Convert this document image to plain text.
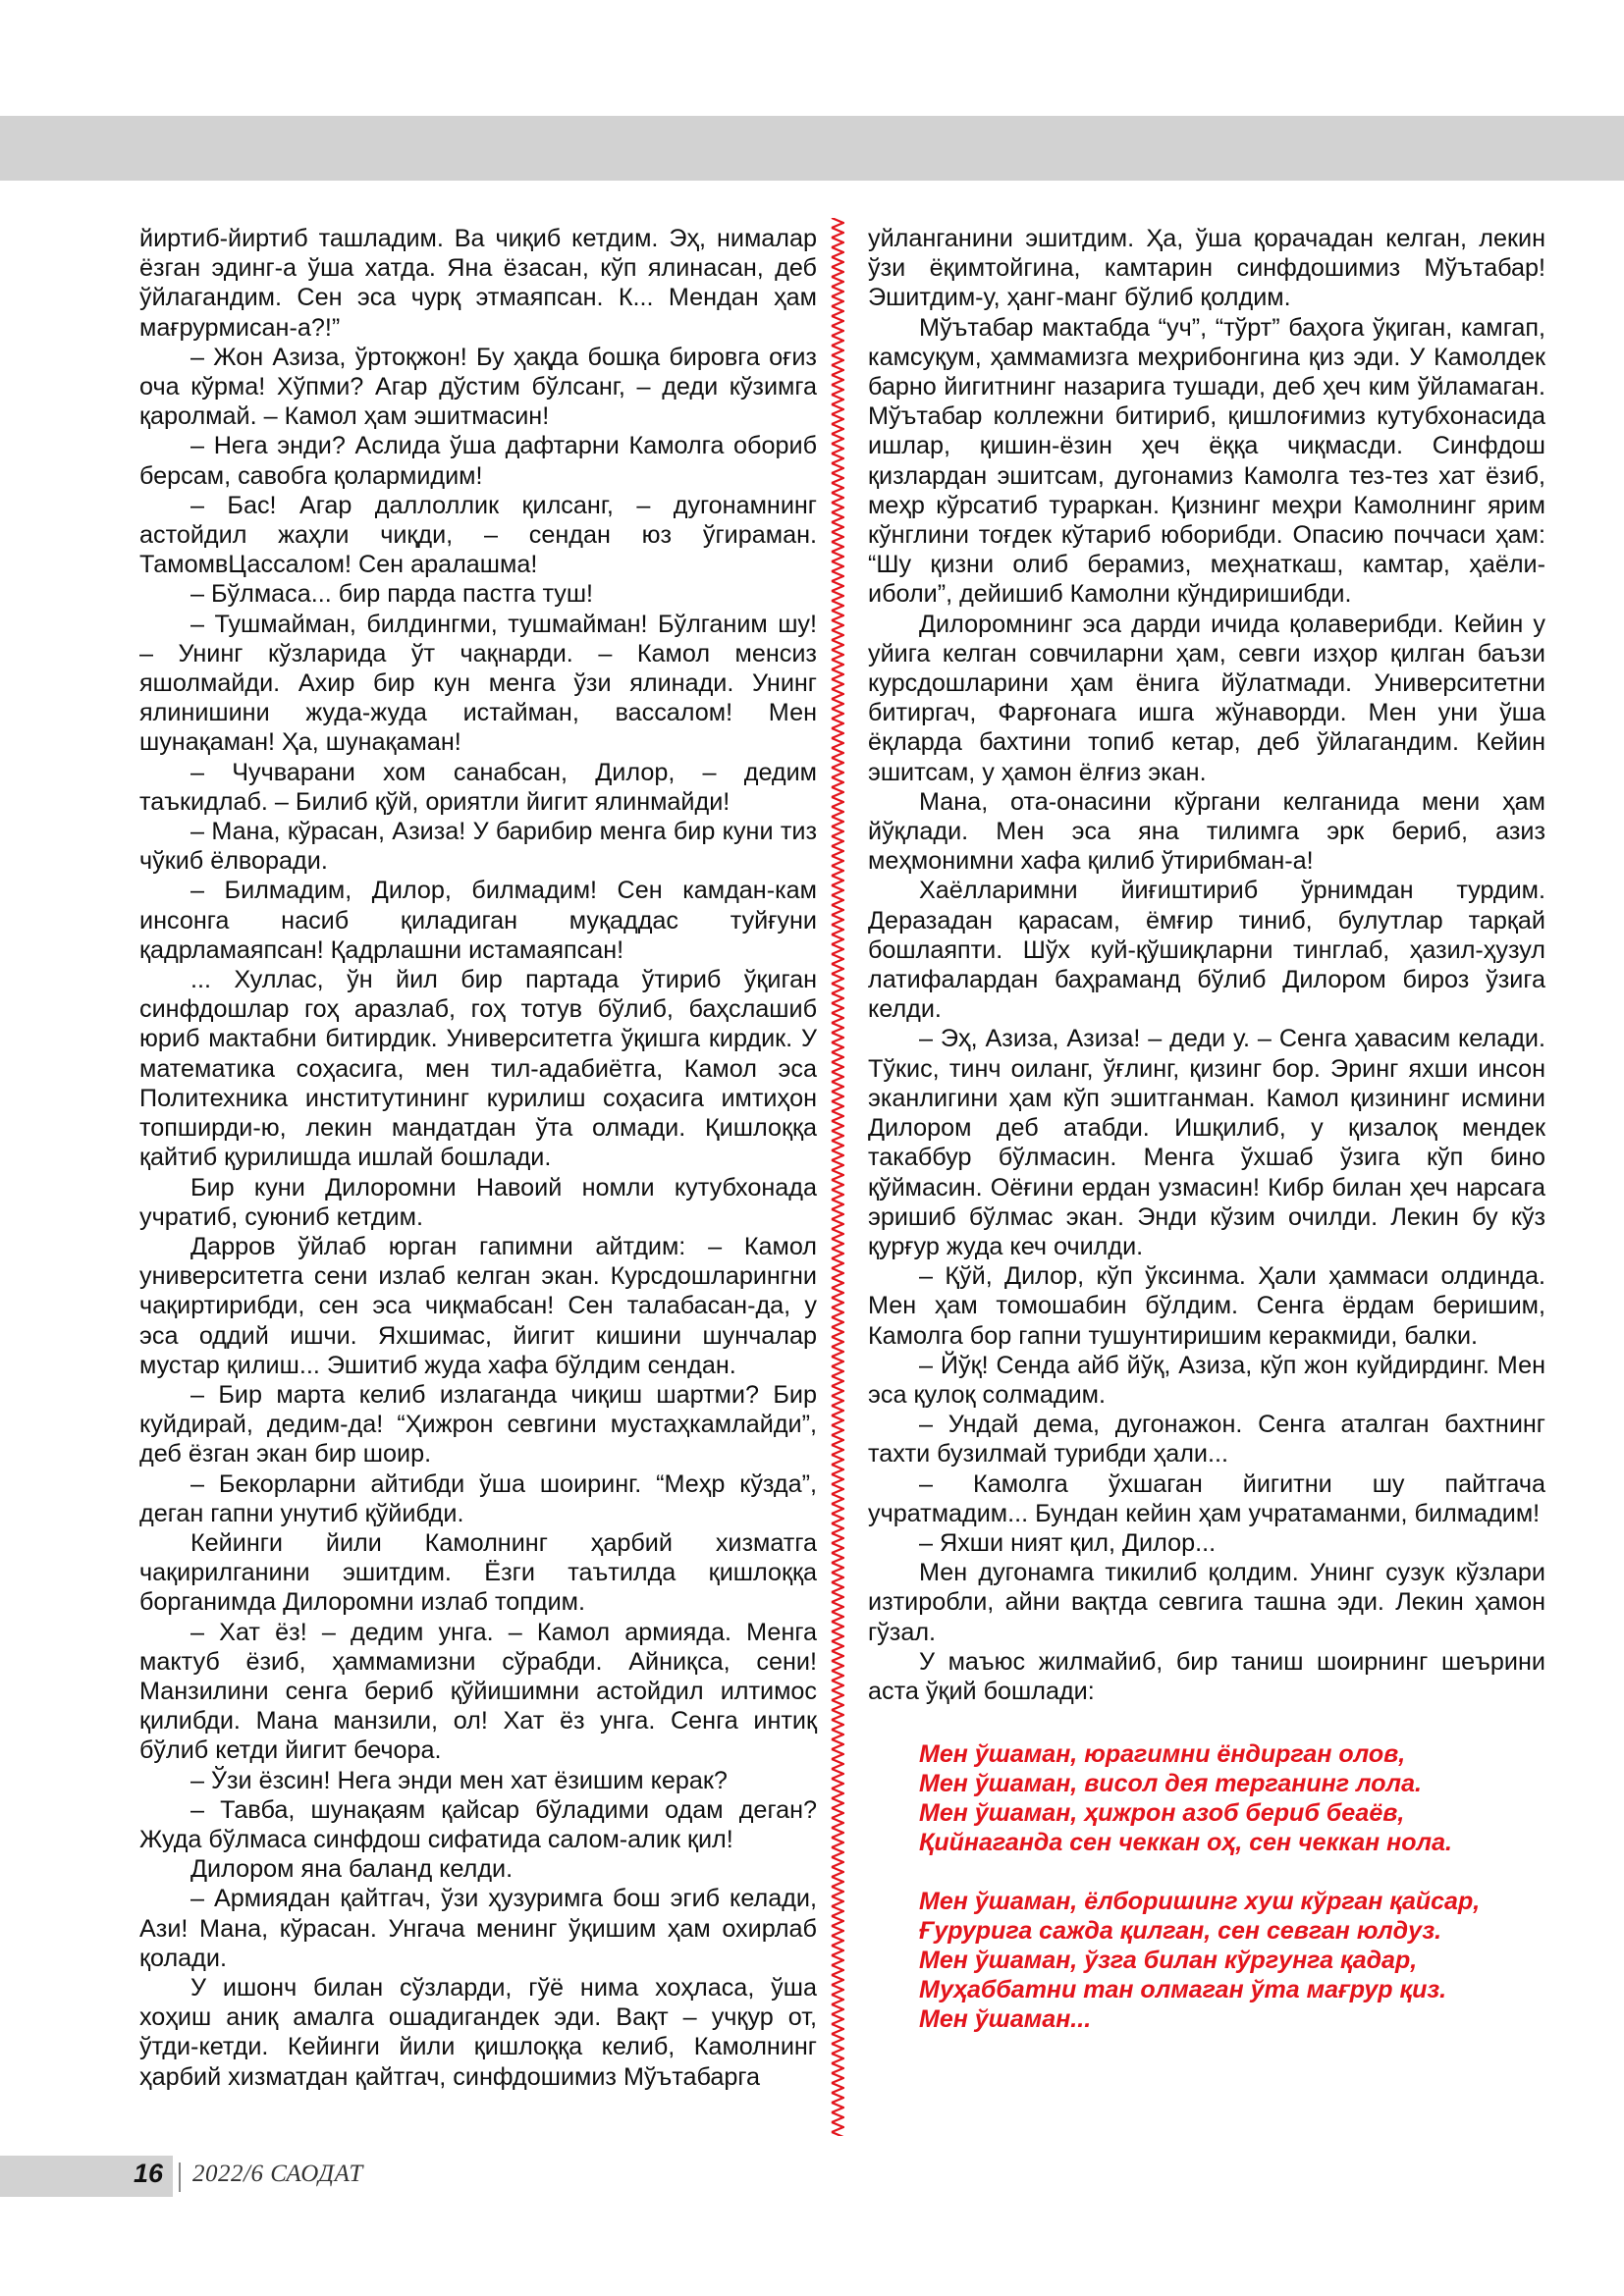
йиртиб-йиртиб ташладим. Ва чиқиб кетдим. Эҳ, нималар ёзган эдинг-а ўша хатда. Яна ёзасан, кўп ялинасан, деб ўйлагандим. Сен эса чурқ этмаяпсан. К... Мендан ҳам мағрурмисан-а?!”

– Жон Азиза, ўртоқжон! Бу ҳақда бошқа бировга оғиз оча кўрма! Хўпми? Агар дўстим бўлсанг, – деди кўзимга қаролмай. – Камол ҳам эшитмасин!

– Нега энди? Аслида ўша дафтарни Камолга обориб берсам, савобга қолармидим!

– Бас! Агар даллоллик қилсанг, – дугонамнинг астойдил жаҳли чиқди, – сендан юз ўгираман. ТамомвЦассалом! Сен аралашма!

– Бўлмаса... бир парда пастга туш!

– Тушмайман, билдингми, тушмайман! Бўлганим шу! – Унинг кўзларида ўт чақнарди. – Камол менсиз яшолмайди. Ахир бир кун менга ўзи ялинади. Унинг ялинишини жуда-жуда истайман, вассалом! Мен шунақаман! Ҳа, шунақаман!

– Чучварани хом санабсан, Дилор, – дедим таъкидлаб. – Билиб қўй, ориятли йигит ялинмайди!

– Мана, кўрасан, Азиза! У барибир менга бир куни тиз чўкиб ёлворади.

– Билмадим, Дилор, билмадим! Сен камдан-кам инсонга насиб қиладиган муқаддас туйғуни қадрламаяпсан! Қадрлашни истамаяпсан!

... Хуллас, ўн йил бир партада ўтириб ўқиган синфдошлар гоҳ аразлаб, гоҳ тотув бўлиб, баҳслашиб юриб мактабни битирдик. Университетга ўқишга кирдик. У математика соҳасига, мен тил-адабиётга, Камол эса Политехника институтининг курилиш соҳасига имтиҳон топширди-ю, лекин мандатдан ўта олмади. Қишлоққа қайтиб қурилишда ишлай бошлади.

Бир куни Дилоромни Навоий номли кутубхонада учратиб, суюниб кетдим.

Дарров ўйлаб юрган гапимни айтдим: – Камол университетга сени излаб келган экан. Курсдошларингни чақиртирибди, сен эса чиқмабсан! Сен талабасан-да, у эса оддий ишчи. Яхшимас, йигит кишини шунчалар мустар қилиш... Эшитиб жуда хафа бўлдим сендан.

– Бир марта келиб излаганда чиқиш шартми? Бир куйдирай, дедим-да! “Ҳижрон севгини мустаҳкамлайди”, деб ёзган экан бир шоир.

– Бекорларни айтибди ўша шоиринг. “Меҳр кўзда”, деган гапни унутиб қўйибди.

Кейинги йили Камолнинг ҳарбий хизматга чақирилганини эшитдим. Ёзги таътилда қишлоққа борганимда Дилоромни излаб топдим.

– Хат ёз! – дедим унга. – Камол армияда. Менга мактуб ёзиб, ҳаммамизни сўрабди. Айниқса, сени! Манзилини сенга бериб қўйишимни астойдил илтимос қилибди. Мана манзили, ол! Хат ёз унга. Сенга интиқ бўлиб кетди йигит бечора.

– Ўзи ёзсин! Нега энди мен хат ёзишим керак?

– Тавба, шунақаям қайсар бўладими одам деган? Жуда бўлмаса синфдош сифатида салом-алик қил!

Дилором яна баланд келди.

– Армиядан қайтгач, ўзи ҳузуримга бош эгиб келади, Ази! Мана, кўрасан. Унгача менинг ўқишим ҳам охирлаб қолади.

У ишонч билан сўзларди, гўё нима хоҳласа, ўша хоҳиш аниқ амалга ошадигандек эди. Вақт – учқур от, ўтди-кетди. Кейинги йили қишлоққа келиб, Камолнинг ҳарбий хизматдан қайтгач, синфдошимиз Мўътабарга

уйланганини эшитдим. Ҳа, ўша қорачадан келган, лекин ўзи ёқимтойгина, камтарин синфдошимиз Мўътабар! Эшитдим-у, ҳанг-манг бўлиб қолдим.

Мўътабар мактабда “уч”, “тўрт” баҳога ўқиган, камгап, камсуқум, ҳаммамизга меҳрибонгина қиз эди. У Камолдек барно йигитнинг назарига тушади, деб ҳеч ким ўйламаган. Мўътабар коллежни битириб, қишлоғимиз кутубхонасида ишлар, қишин-ёзин ҳеч ёққа чиқмасди. Синфдош қизлардан эшитсам, дугонамиз Камолга тез-тез хат ёзиб, меҳр кўрсатиб тураркан. Қизнинг меҳри Камолнинг ярим кўнглини тоғдек кўтариб юборибди. Опасию поччаси ҳам: “Шу қизни олиб берамиз, меҳнаткаш, камтар, ҳаёли-иболи”, дейишиб Камолни кўндиришибди.

Дилоромнинг эса дарди ичида қолаверибди. Кейин у уйига келган совчиларни ҳам, севги изҳор қилган баъзи курсдошларини ҳам ёнига йўлатмади. Университетни битиргач, Фарғонага ишга жўнаворди. Мен уни ўша ёқларда бахтини топиб кетар, деб ўйлагандим. Кейин эшитсам, у ҳамон ёлғиз экан.

Мана, ота-онасини кўргани келганида мени ҳам йўқлади. Мен эса яна тилимга эрк бериб, азиз меҳмонимни хафа қилиб ўтирибман-а!

Хаёлларимни йиғиштириб ўрнимдан турдим. Деразадан қарасам, ёмғир тиниб, булутлар тарқай бошлаяпти. Шўх куй-қўшиқларни тинглаб, ҳазил-ҳузул латифалардан баҳраманд бўлиб Дилором бироз ўзига келди.

– Эҳ, Азиза, Азиза! – деди у. – Сенга ҳавасим келади. Тўкис, тинч оиланг, ўғлинг, қизинг бор. Эринг яхши инсон эканлигини ҳам кўп эшитганман. Камол қизининг исмини Дилором деб атабди. Ишқилиб, у қизалоқ мендек такаббур бўлмасин. Менга ўхшаб ўзига кўп бино қўймасин. Оёғини ердан узмасин! Кибр билан ҳеч нарсага эришиб бўлмас экан. Энди кўзим очилди. Лекин бу кўз қурғур жуда кеч очилди.

– Қўй, Дилор, кўп ўксинма. Ҳали ҳаммаси олдинда. Мен ҳам томошабин бўлдим. Сенга ёрдам беришим, Камолга бор гапни тушунтиришим керакмиди, балки.

– Йўқ! Сенда айб йўқ, Азиза, кўп жон куйдирдинг. Мен эса қулоқ солмадим.

– Ундай дема, дугонажон. Сенга аталган бахтнинг тахти бузилмай турибди ҳали...

– Камолга ўхшаган йигитни шу пайтгача учратмадим... Бундан кейин ҳам учратаманми, билмадим!

– Яхши ният қил, Дилор...

Мен дугонамга тикилиб қолдим. Унинг сузук кўзлари изтиробли, айни вақтда севгига ташна эди. Лекин ҳамон гўзал.

У маъюс жилмайиб, бир таниш шоирнинг шеърини аста ўқий бошлади:

Мен ўшаман, юрагимни ёндирган олов,
Мен ўшаман, висол дея терганинг лола.
Мен ўшаман, ҳижрон азоб бериб беаёв,
Қийнаганда сен чеккан оҳ, сен чеккан нола.
Мен ўшаман, ёлборишинг хуш кўрган қайсар,
Ғурурига сажда қилган, сен севган юлдуз.
Мен ўшаман, ўзга билан кўргунга қадар,
Муҳаббатни тан олмаган ўта мағрур қиз.
Мен ўшаман...
16 2022/6 САОДАТ
